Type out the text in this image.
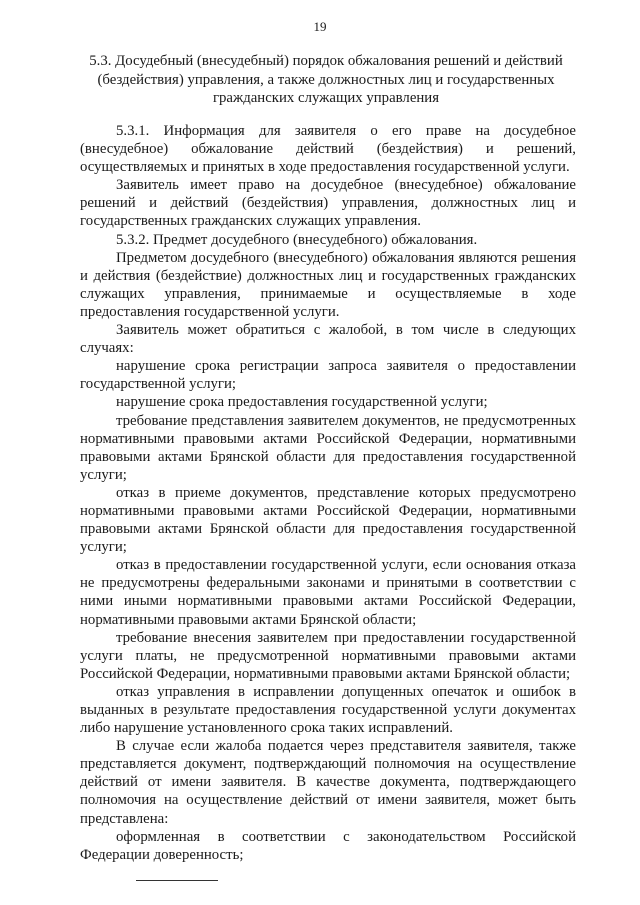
19
5.3. Досудебный (внесудебный) порядок обжалования решений и действий (бездействия) управления, а также должностных лиц и государственных гражданских служащих управления

5.3.1. Информация для заявителя о его праве на досудебное (внесудебное) обжалование действий (бездействия) и решений, осуществляемых и принятых в ходе предоставления государственной услуги.

Заявитель имеет право на досудебное (внесудебное) обжалование решений и действий (бездействия) управления, должностных лиц и государственных гражданских служащих управления.

5.3.2. Предмет досудебного (внесудебного) обжалования.

Предметом досудебного (внесудебного) обжалования являются решения и действия (бездействие) должностных лиц и государственных гражданских служащих управления, принимаемые и осуществляемые в ходе предоставления государственной услуги.

Заявитель может обратиться с жалобой, в том числе в следующих случаях:

нарушение срока регистрации запроса заявителя о предоставлении государственной услуги;

нарушение срока предоставления государственной услуги;

требование представления заявителем документов, не предусмотренных нормативными правовыми актами Российской Федерации, нормативными правовыми актами Брянской области для предоставления государственной услуги;

отказ в приеме документов, представление которых предусмотрено нормативными правовыми актами Российской Федерации, нормативными правовыми актами Брянской области для предоставления государственной услуги;

отказ в предоставлении государственной услуги, если основания отказа не предусмотрены федеральными законами и принятыми в соответствии с ними иными нормативными правовыми актами Российской Федерации, нормативными правовыми актами Брянской области;

требование внесения заявителем при предоставлении государственной услуги платы, не предусмотренной нормативными правовыми актами Российской Федерации, нормативными правовыми актами Брянской области;

отказ управления в исправлении допущенных опечаток и ошибок в выданных в результате предоставления государственной услуги документах либо нарушение установленного срока таких исправлений.

В случае если жалоба подается через представителя заявителя, также представляется документ, подтверждающий полномочия на осуществление действий от имени заявителя. В качестве документа, подтверждающего полномочия на осуществление действий от имени заявителя, может быть представлена:

оформленная в соответствии с законодательством Российской Федерации доверенность;
